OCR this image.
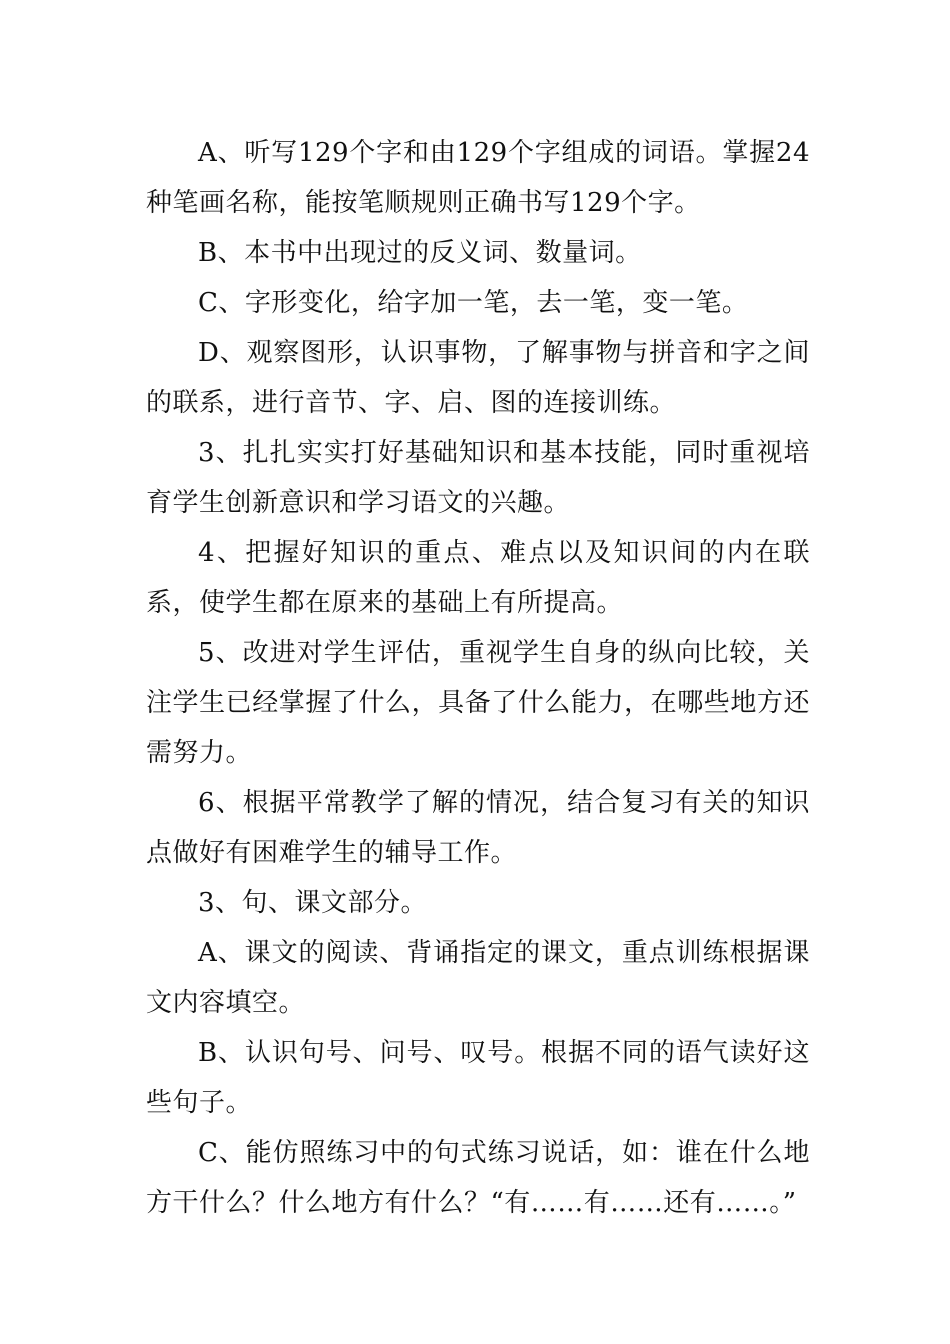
A、听写129个字和由129个字组成的词语。掌握24种笔画名称，能按笔顺规则正确书写129个字。

B、本书中出现过的反义词、数量词。

C、字形变化，给字加一笔，去一笔，变一笔。

D、观察图形，认识事物，了解事物与拼音和字之间的联系，进行音节、字、启、图的连接训练。

3、扎扎实实打好基础知识和基本技能，同时重视培育学生创新意识和学习语文的兴趣。

4、把握好知识的重点、难点以及知识间的内在联系，使学生都在原来的基础上有所提高。

5、改进对学生评估，重视学生自身的纵向比较，关注学生已经掌握了什么，具备了什么能力，在哪些地方还需努力。

6、根据平常教学了解的情况，结合复习有关的知识点做好有困难学生的辅导工作。

3、句、课文部分。

A、课文的阅读、背诵指定的课文，重点训练根据课文内容填空。

B、认识句号、问号、叹号。根据不同的语气读好这些句子。

C、能仿照练习中的句式练习说话，如：谁在什么地方干什么？什么地方有什么？“有……有……还有……。”
